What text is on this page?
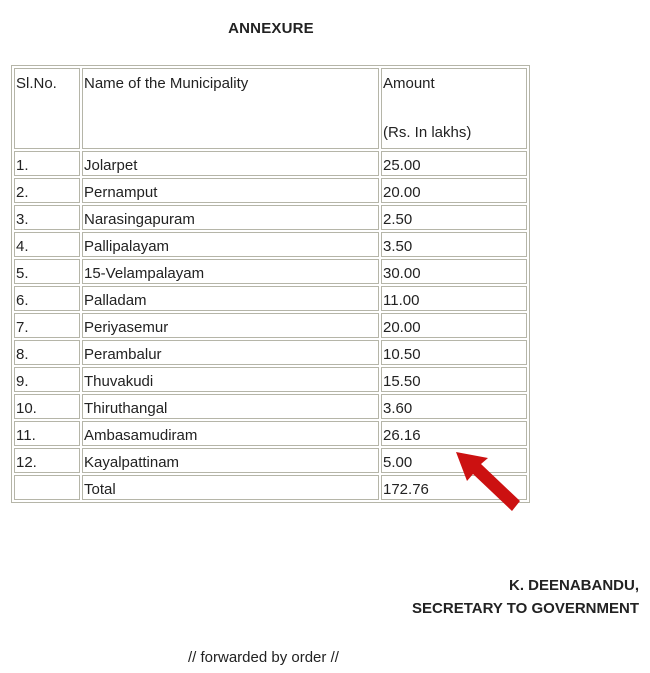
ANNEXURE
Sl.No.	Name of the Municipality	Amount
(Rs. In lakhs)

1.	Jolarpet	25.00
2.	Pernamput	20.00
3.	Narasingapuram	2.50
4.	Pallipalayam	3.50
5.	15-Velampalayam	30.00
6.	Palladam	11.00
7.	Periyasemur	20.00
8.	Perambalur	10.50
9.	Thuvakudi	15.50
10.	Thiruthangal	3.60
11.	Ambasamudiram	26.16
12.	Kayalpattinam	5.00
	Total	172.76
K. DEENABANDU,
SECRETARY TO GOVERNMENT
// forwarded by order //
